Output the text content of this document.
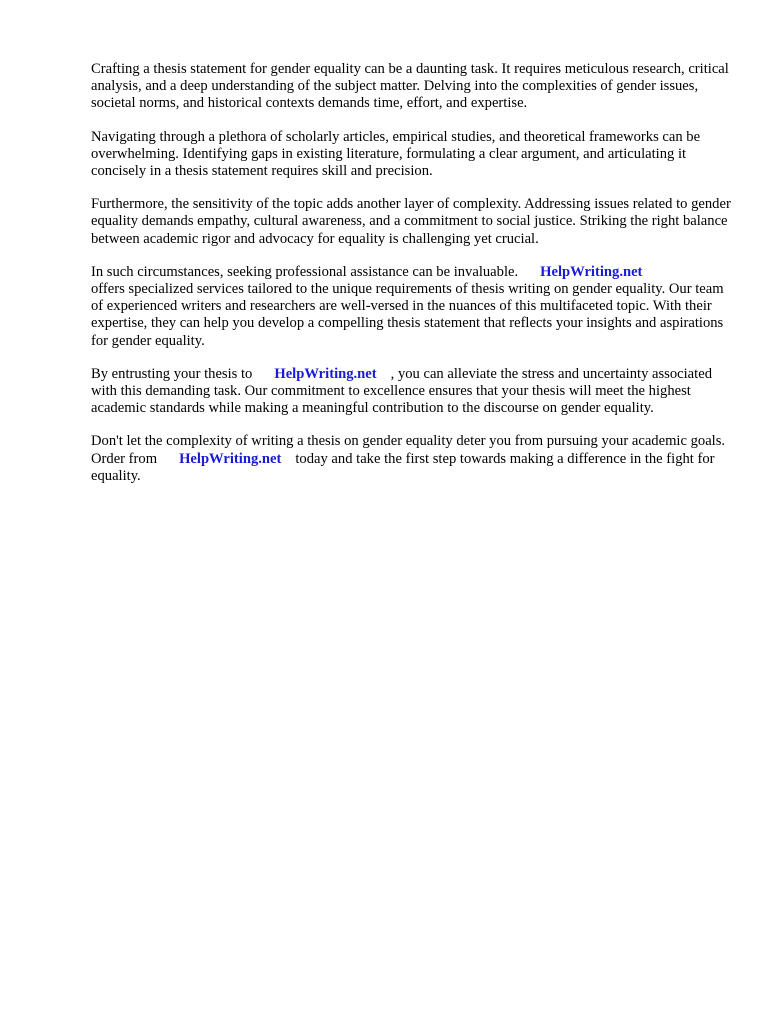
Crafting a thesis statement for gender equality can be a daunting task. It requires meticulous research, critical analysis, and a deep understanding of the subject matter. Delving into the complexities of gender issues, societal norms, and historical contexts demands time, effort, and expertise.

Navigating through a plethora of scholarly articles, empirical studies, and theoretical frameworks can be overwhelming. Identifying gaps in existing literature, formulating a clear argument, and articulating it concisely in a thesis statement requires skill and precision.

Furthermore, the sensitivity of the topic adds another layer of complexity. Addressing issues related to gender equality demands empathy, cultural awareness, and a commitment to social justice. Striking the right balance between academic rigor and advocacy for equality is challenging yet crucial.

In such circumstances, seeking professional assistance can be invaluable. HelpWriting.net
offers specialized services tailored to the unique requirements of thesis writing on gender equality. Our team of experienced writers and researchers are well-versed in the nuances of this multifaceted topic. With their expertise, they can help you develop a compelling thesis statement that reflects your insights and aspirations for gender equality.

By entrusting your thesis to HelpWriting.net , you can alleviate the stress and uncertainty associated with this demanding task. Our commitment to excellence ensures that your thesis will meet the highest academic standards while making a meaningful contribution to the discourse on gender equality.

Don't let the complexity of writing a thesis on gender equality deter you from pursuing your academic goals. Order from HelpWriting.net today and take the first step towards making a difference in the fight for equality.
